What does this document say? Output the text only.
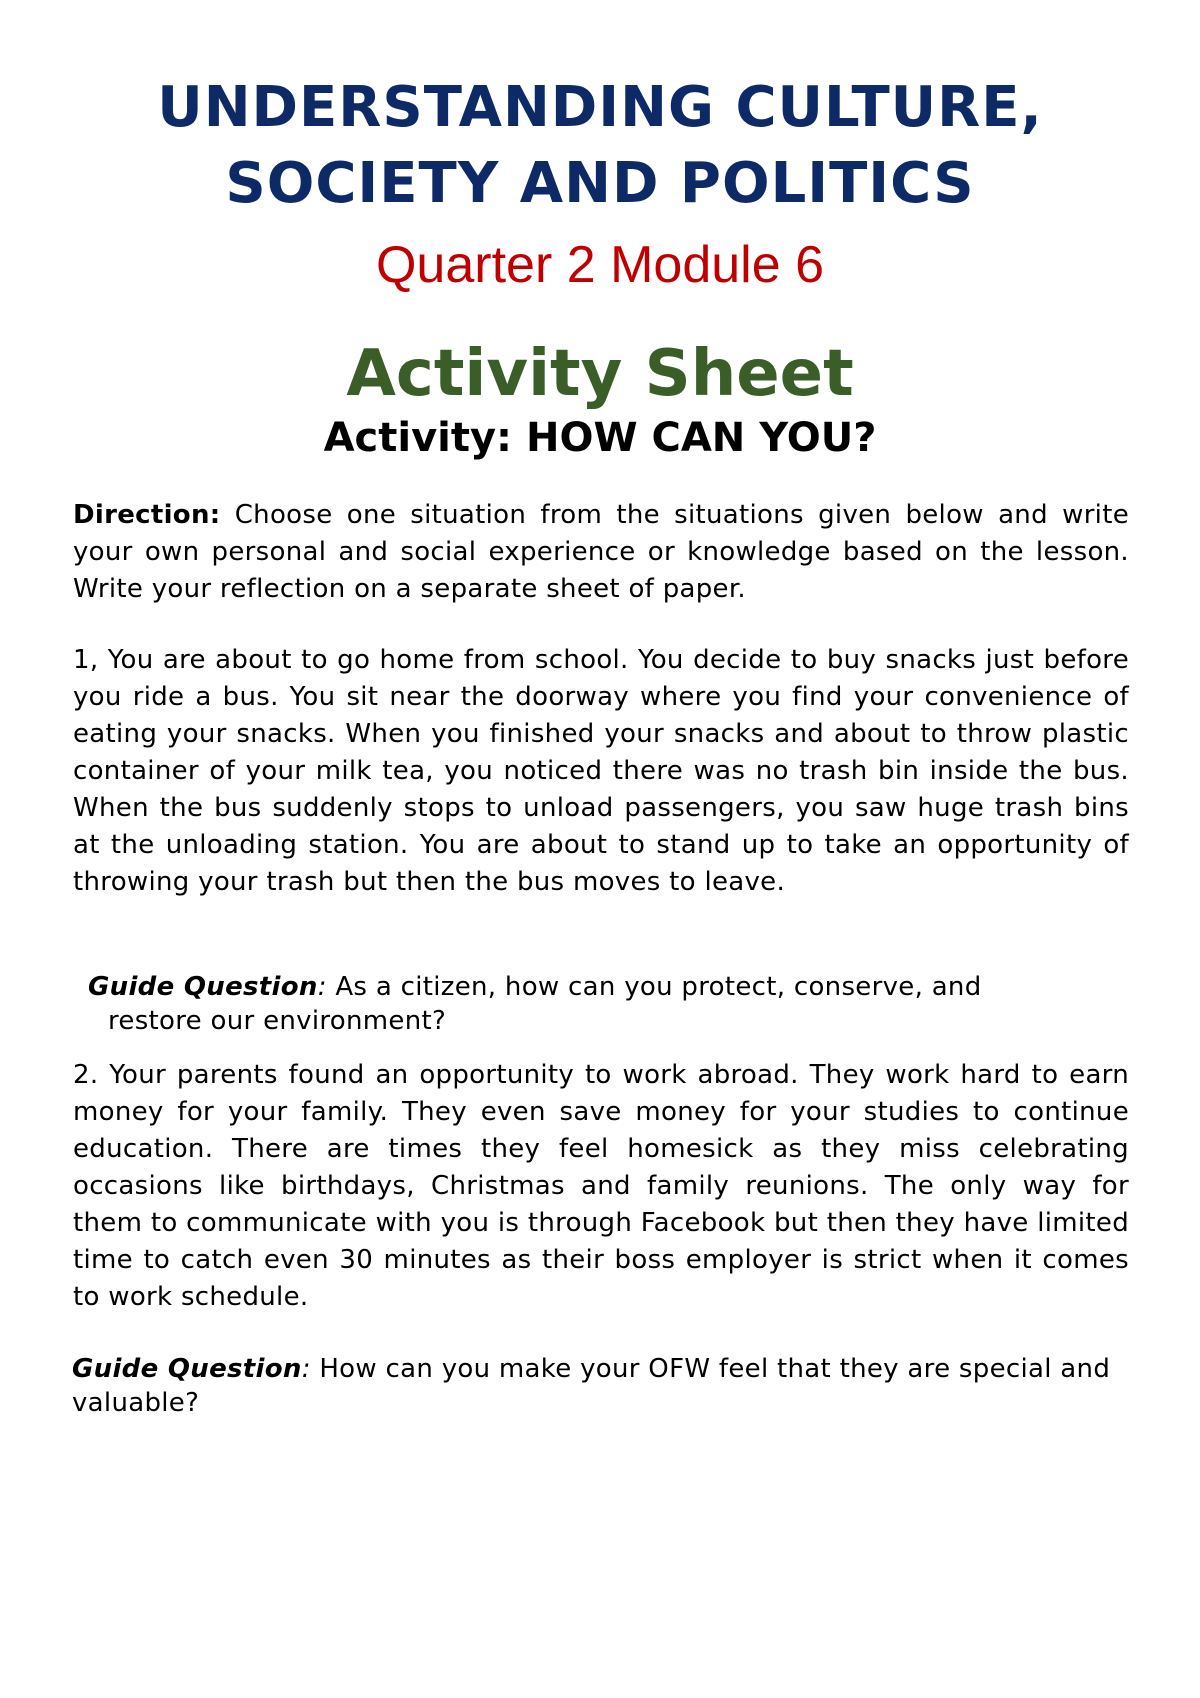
UNDERSTANDING CULTURE,
SOCIETY AND POLITICS
Quarter 2 Module 6
Activity Sheet
Activity: HOW CAN YOU?
Direction: Choose one situation from the situations given below and write your own personal and social experience or knowledge based on the lesson. Write your reflection on a separate sheet of paper.
1, You are about to go home from school. You decide to buy snacks just before you ride a bus. You sit near the doorway where you find your convenience of eating your snacks. When you finished your snacks and about to throw plastic container of your milk tea, you noticed there was no trash bin inside the bus. When the bus suddenly stops to unload passengers, you saw huge trash bins at the unloading station. You are about to stand up to take an opportunity of throwing your trash but then the bus moves to leave.
Guide Question: As a citizen, how can you protect, conserve, and
restore our environment?
2. Your parents found an opportunity to work abroad. They work hard to earn money for your family. They even save money for your studies to continue education. There are times they feel homesick as they miss celebrating occasions like birthdays, Christmas and family reunions. The only way for them to communicate with you is through Facebook but then they have limited time to catch even 30 minutes as their boss employer is strict when it comes to work schedule.
Guide Question: How can you make your OFW feel that they are special and valuable?
